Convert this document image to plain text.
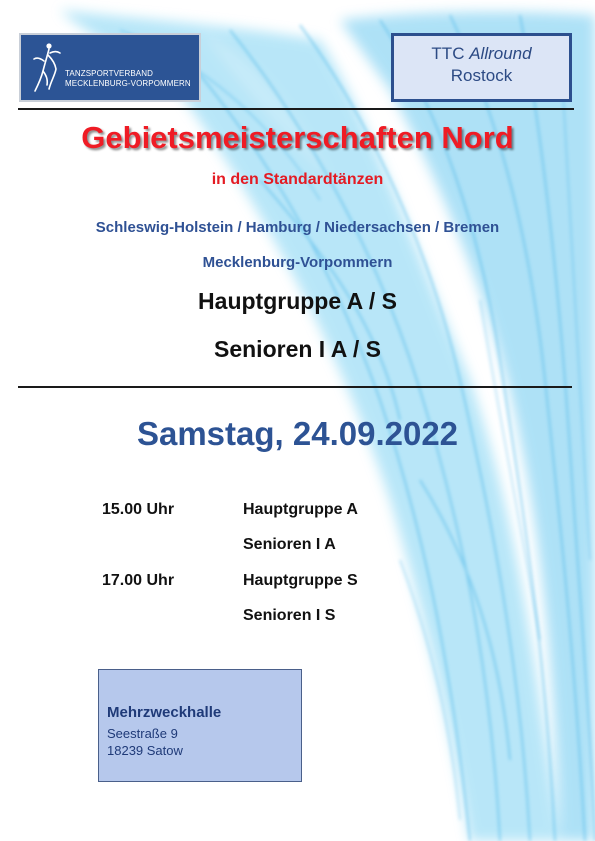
TANZSPORTVERBAND
MECKLENBURG-VORPOMMERN
TTC Allround
Rostock
Gebietsmeisterschaften Nord
in den Standardtänzen
Schleswig-Holstein / Hamburg / Niedersachsen / Bremen
Mecklenburg-Vorpommern
Hauptgruppe A / S
Senioren I A / S
Samstag, 24.09.2022
15.00 Uhr	Hauptgruppe A
Senioren I A
17.00 Uhr	Hauptgruppe S
Senioren I S
Mehrzweckhalle
Seestraße 9
18239 Satow
